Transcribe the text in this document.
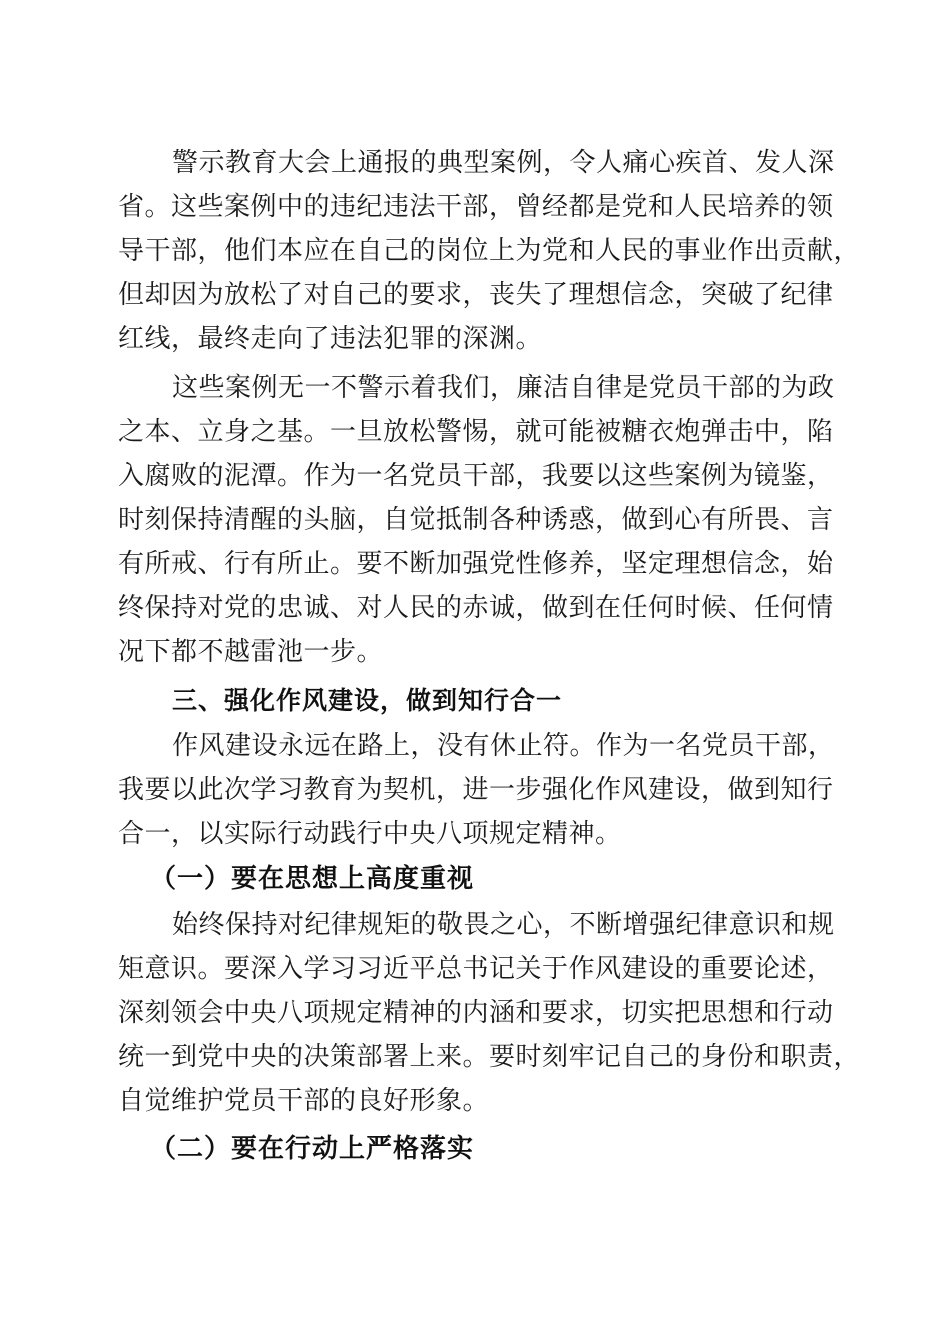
警示教育大会上通报的典型案例，令人痛心疾首、发人深
省。这些案例中的违纪违法干部，曾经都是党和人民培养的领
导干部，他们本应在自己的岗位上为党和人民的事业作出贡献，
但却因为放松了对自己的要求，丧失了理想信念，突破了纪律
红线，最终走向了违法犯罪的深渊。
这些案例无一不警示着我们，廉洁自律是党员干部的为政
之本、立身之基。一旦放松警惕，就可能被糖衣炮弹击中，陷
入腐败的泥潭。作为一名党员干部，我要以这些案例为镜鉴，
时刻保持清醒的头脑，自觉抵制各种诱惑，做到心有所畏、言
有所戒、行有所止。要不断加强党性修养，坚定理想信念，始
终保持对党的忠诚、对人民的赤诚，做到在任何时候、任何情
况下都不越雷池一步。
三、强化作风建设，做到知行合一
作风建设永远在路上，没有休止符。作为一名党员干部，
我要以此次学习教育为契机，进一步强化作风建设，做到知行
合一，以实际行动践行中央八项规定精神。
（一）要在思想上高度重视
始终保持对纪律规矩的敬畏之心，不断增强纪律意识和规
矩意识。要深入学习习近平总书记关于作风建设的重要论述，
深刻领会中央八项规定精神的内涵和要求，切实把思想和行动
统一到党中央的决策部署上来。要时刻牢记自己的身份和职责，
自觉维护党员干部的良好形象。
（二）要在行动上严格落实
